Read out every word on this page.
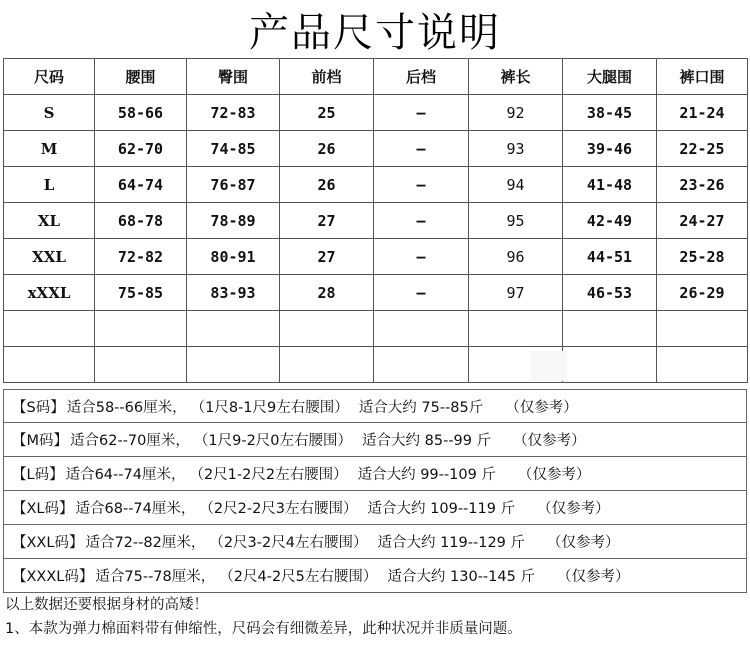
产品尺寸说明
尺码	腰围	臀围	前档	后档	裤长	大腿围	裤口围
S	58-66	72-83	25	—	92	38-45	21-24
M	62-70	74-85	26	—	93	39-46	22-25
L	64-74	76-87	26	—	94	41-48	23-26
XL	68-78	78-89	27	—	95	42-49	24-27
XXL	72-82	80-91	27	—	96	44-51	25-28
xXXL	75-85	83-93	28	—	97	46-53	26-29

【S码】 适合58--66厘米， （1尺8-1尺9左右腰围） 适合大约 75--85斤 （仅参考）
【M码】 适合62--70厘米， （1尺9-2尺0左右腰围） 适合大约 85--99 斤 （仅参考）
【L码】 适合64--74厘米， （2尺1-2尺2左右腰围） 适合大约 99--109 斤 （仅参考）
【XL码】 适合68--74厘米， （2尺2-2尺3左右腰围） 适合大约 109--119 斤 （仅参考）
【XXL码】 适合72--82厘米， （2尺3-2尺4左右腰围） 适合大约 119--129 斤 （仅参考）
【XXXL码】 适合75--78厘米， （2尺4-2尺5左右腰围） 适合大约 130--145 斤 （仅参考）
以上数据还要根据身材的高矮！
1、本款为弹力棉面料带有伸缩性，尺码会有细微差异，此种状况并非质量问题。
